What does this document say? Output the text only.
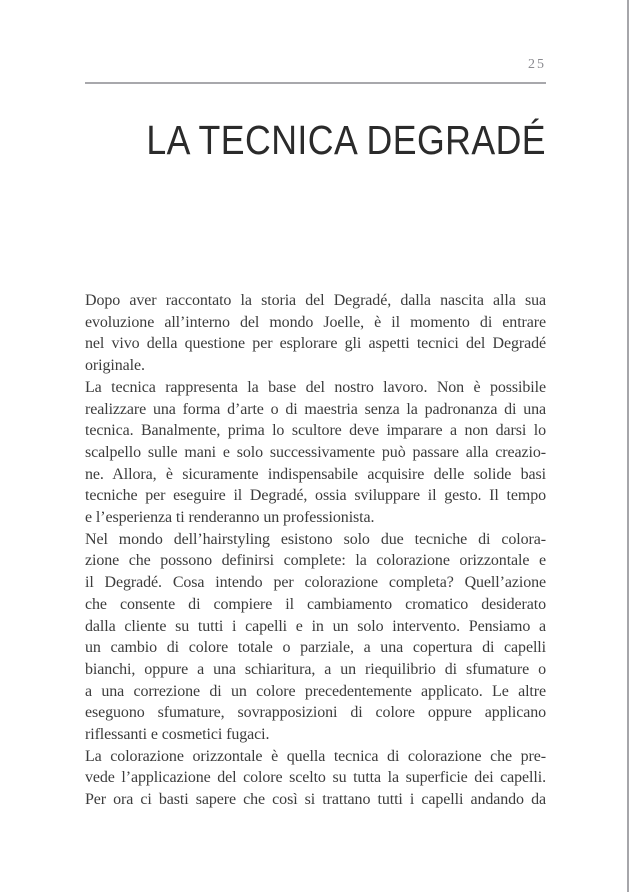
25
LA TECNICA DEGRADÉ
Dopo aver raccontato la storia del Degradé, dalla nascita alla sua
evoluzione all’interno del mondo Joelle, è il momento di entrare
nel vivo della questione per esplorare gli aspetti tecnici del Degradé
originale.
La tecnica rappresenta la base del nostro lavoro. Non è possibile
realizzare una forma d’arte o di maestria senza la padronanza di una
tecnica. Banalmente, prima lo scultore deve imparare a non darsi lo
scalpello sulle mani e solo successivamente può passare alla creazio-
ne. Allora, è sicuramente indispensabile acquisire delle solide basi
tecniche per eseguire il Degradé, ossia sviluppare il gesto. Il tempo
e l’esperienza ti renderanno un professionista.
Nel mondo dell’hairstyling esistono solo due tecniche di colora-
zione che possono definirsi complete: la colorazione orizzontale e
il Degradé. Cosa intendo per colorazione completa? Quell’azione
che consente di compiere il cambiamento cromatico desiderato
dalla cliente su tutti i capelli e in un solo intervento. Pensiamo a
un cambio di colore totale o parziale, a una copertura di capelli
bianchi, oppure a una schiaritura, a un riequilibrio di sfumature o
a una correzione di un colore precedentemente applicato. Le altre
eseguono sfumature, sovrapposizioni di colore oppure applicano
riflessanti e cosmetici fugaci.
La colorazione orizzontale è quella tecnica di colorazione che pre-
vede l’applicazione del colore scelto su tutta la superficie dei capelli.
Per ora ci basti sapere che così si trattano tutti i capelli andando da
